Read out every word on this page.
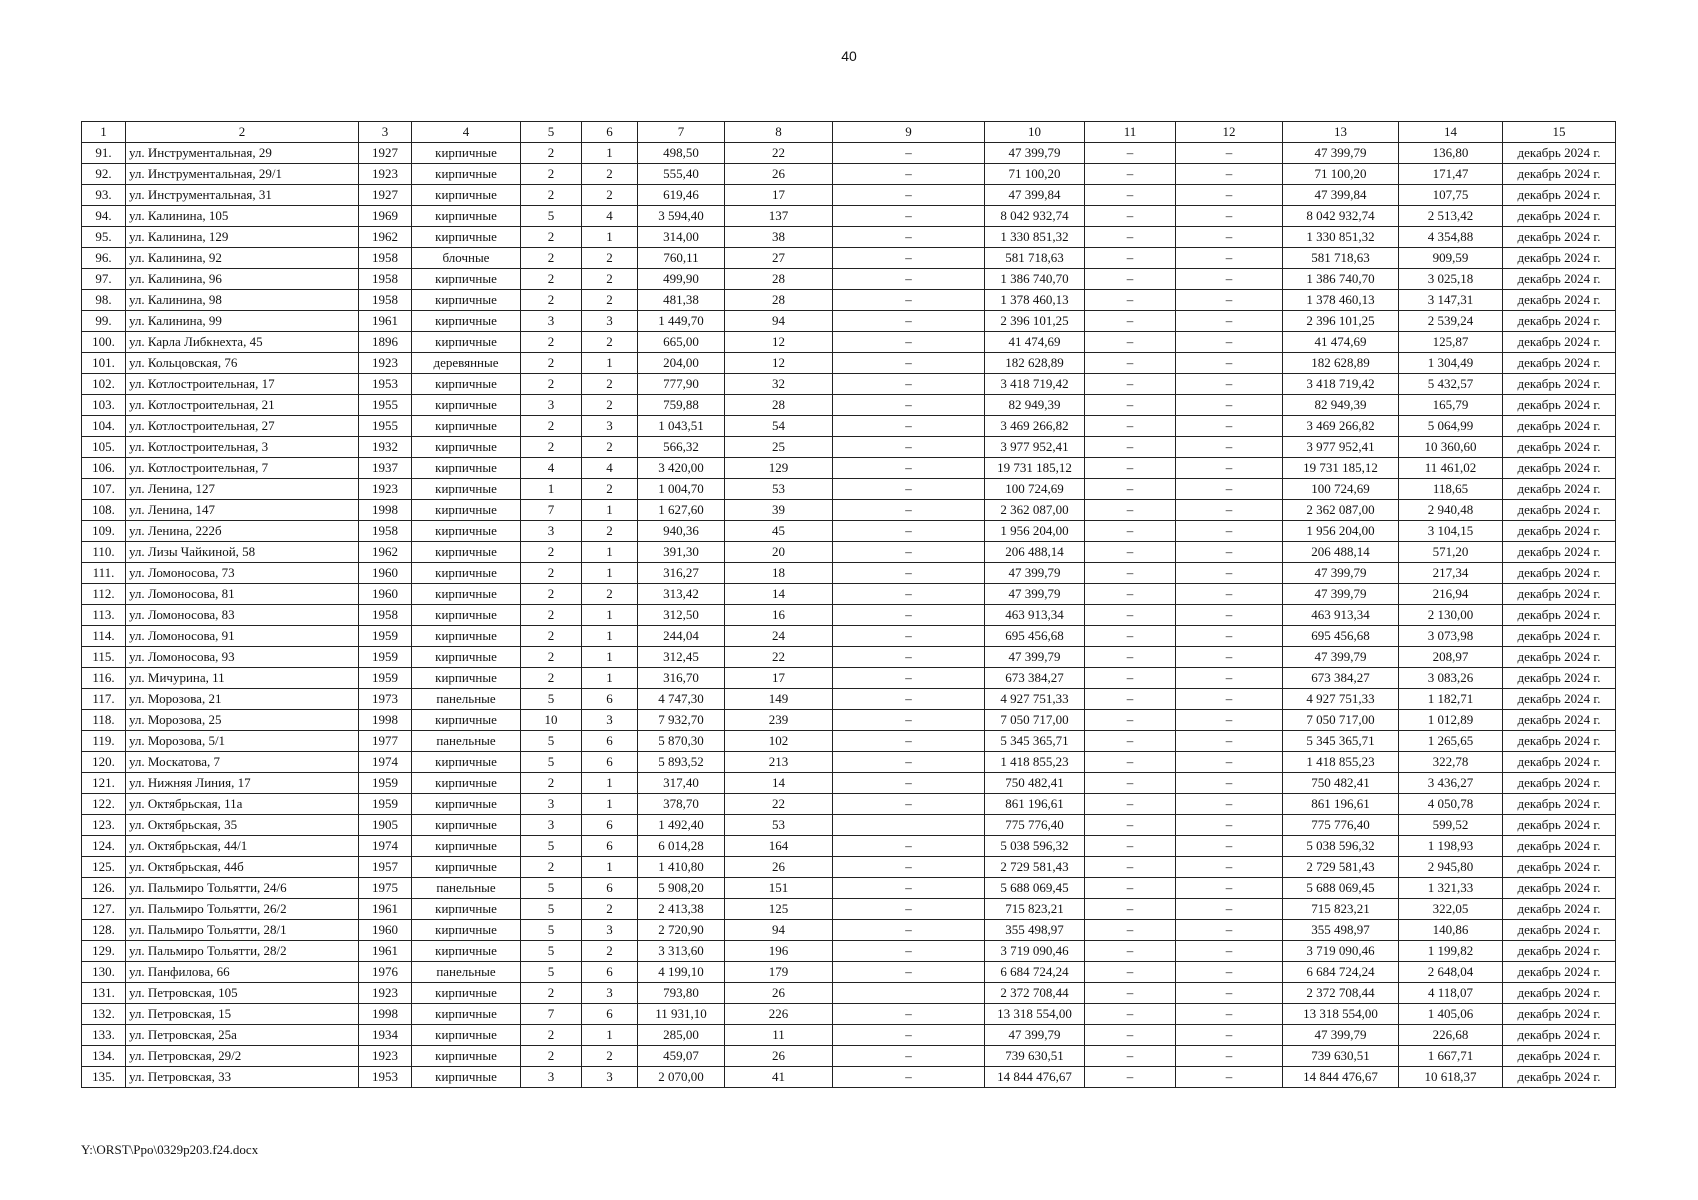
40
1	2	3	4	5	6	7	8	9	10	11	12	13	14	15
91.	ул. Инструментальная, 29	1927	кирпичные	2	1	498,50	22	–	47 399,79	–	–	47 399,79	136,80	декабрь 2024 г.
92.	ул. Инструментальная, 29/1	1923	кирпичные	2	2	555,40	26	–	71 100,20	–	–	71 100,20	171,47	декабрь 2024 г.
93.	ул. Инструментальная, 31	1927	кирпичные	2	2	619,46	17	–	47 399,84	–	–	47 399,84	107,75	декабрь 2024 г.
94.	ул. Калинина, 105	1969	кирпичные	5	4	3 594,40	137	–	8 042 932,74	–	–	8 042 932,74	2 513,42	декабрь 2024 г.
95.	ул. Калинина, 129	1962	кирпичные	2	1	314,00	38	–	1 330 851,32	–	–	1 330 851,32	4 354,88	декабрь 2024 г.
96.	ул. Калинина, 92	1958	блочные	2	2	760,11	27	–	581 718,63	–	–	581 718,63	909,59	декабрь 2024 г.
97.	ул. Калинина, 96	1958	кирпичные	2	2	499,90	28	–	1 386 740,70	–	–	1 386 740,70	3 025,18	декабрь 2024 г.
98.	ул. Калинина, 98	1958	кирпичные	2	2	481,38	28	–	1 378 460,13	–	–	1 378 460,13	3 147,31	декабрь 2024 г.
99.	ул. Калинина, 99	1961	кирпичные	3	3	1 449,70	94	–	2 396 101,25	–	–	2 396 101,25	2 539,24	декабрь 2024 г.
100.	ул. Карла Либкнехта, 45	1896	кирпичные	2	2	665,00	12	–	41 474,69	–	–	41 474,69	125,87	декабрь 2024 г.
101.	ул. Кольцовская, 76	1923	деревянные	2	1	204,00	12	–	182 628,89	–	–	182 628,89	1 304,49	декабрь 2024 г.
102.	ул. Котлостроительная, 17	1953	кирпичные	2	2	777,90	32	–	3 418 719,42	–	–	3 418 719,42	5 432,57	декабрь 2024 г.
103.	ул. Котлостроительная, 21	1955	кирпичные	3	2	759,88	28	–	82 949,39	–	–	82 949,39	165,79	декабрь 2024 г.
104.	ул. Котлостроительная, 27	1955	кирпичные	2	3	1 043,51	54	–	3 469 266,82	–	–	3 469 266,82	5 064,99	декабрь 2024 г.
105.	ул. Котлостроительная, 3	1932	кирпичные	2	2	566,32	25	–	3 977 952,41	–	–	3 977 952,41	10 360,60	декабрь 2024 г.
106.	ул. Котлостроительная, 7	1937	кирпичные	4	4	3 420,00	129	–	19 731 185,12	–	–	19 731 185,12	11 461,02	декабрь 2024 г.
107.	ул. Ленина, 127	1923	кирпичные	1	2	1 004,70	53	–	100 724,69	–	–	100 724,69	118,65	декабрь 2024 г.
108.	ул. Ленина, 147	1998	кирпичные	7	1	1 627,60	39	–	2 362 087,00	–	–	2 362 087,00	2 940,48	декабрь 2024 г.
109.	ул. Ленина, 222б	1958	кирпичные	3	2	940,36	45	–	1 956 204,00	–	–	1 956 204,00	3 104,15	декабрь 2024 г.
110.	ул. Лизы Чайкиной, 58	1962	кирпичные	2	1	391,30	20	–	206 488,14	–	–	206 488,14	571,20	декабрь 2024 г.
111.	ул. Ломоносова, 73	1960	кирпичные	2	1	316,27	18	–	47 399,79	–	–	47 399,79	217,34	декабрь 2024 г.
112.	ул. Ломоносова, 81	1960	кирпичные	2	2	313,42	14	–	47 399,79	–	–	47 399,79	216,94	декабрь 2024 г.
113.	ул. Ломоносова, 83	1958	кирпичные	2	1	312,50	16	–	463 913,34	–	–	463 913,34	2 130,00	декабрь 2024 г.
114.	ул. Ломоносова, 91	1959	кирпичные	2	1	244,04	24	–	695 456,68	–	–	695 456,68	3 073,98	декабрь 2024 г.
115.	ул. Ломоносова, 93	1959	кирпичные	2	1	312,45	22	–	47 399,79	–	–	47 399,79	208,97	декабрь 2024 г.
116.	ул. Мичурина, 11	1959	кирпичные	2	1	316,70	17	–	673 384,27	–	–	673 384,27	3 083,26	декабрь 2024 г.
117.	ул. Морозова, 21	1973	панельные	5	6	4 747,30	149	–	4 927 751,33	–	–	4 927 751,33	1 182,71	декабрь 2024 г.
118.	ул. Морозова, 25	1998	кирпичные	10	3	7 932,70	239	–	7 050 717,00	–	–	7 050 717,00	1 012,89	декабрь 2024 г.
119.	ул. Морозова, 5/1	1977	панельные	5	6	5 870,30	102	–	5 345 365,71	–	–	5 345 365,71	1 265,65	декабрь 2024 г.
120.	ул. Москатова, 7	1974	кирпичные	5	6	5 893,52	213	–	1 418 855,23	–	–	1 418 855,23	322,78	декабрь 2024 г.
121.	ул. Нижняя Линия, 17	1959	кирпичные	2	1	317,40	14	–	750 482,41	–	–	750 482,41	3 436,27	декабрь 2024 г.
122.	ул. Октябрьская, 11а	1959	кирпичные	3	1	378,70	22	–	861 196,61	–	–	861 196,61	4 050,78	декабрь 2024 г.
123.	ул. Октябрьская, 35	1905	кирпичные	3	6	1 492,40	53		775 776,40	–	–	775 776,40	599,52	декабрь 2024 г.
124.	ул. Октябрьская, 44/1	1974	кирпичные	5	6	6 014,28	164	–	5 038 596,32	–	–	5 038 596,32	1 198,93	декабрь 2024 г.
125.	ул. Октябрьская, 44б	1957	кирпичные	2	1	1 410,80	26	–	2 729 581,43	–	–	2 729 581,43	2 945,80	декабрь 2024 г.
126.	ул. Пальмиро Тольятти, 24/6	1975	панельные	5	6	5 908,20	151	–	5 688 069,45	–	–	5 688 069,45	1 321,33	декабрь 2024 г.
127.	ул. Пальмиро Тольятти, 26/2	1961	кирпичные	5	2	2 413,38	125	–	715 823,21	–	–	715 823,21	322,05	декабрь 2024 г.
128.	ул. Пальмиро Тольятти, 28/1	1960	кирпичные	5	3	2 720,90	94	–	355 498,97	–	–	355 498,97	140,86	декабрь 2024 г.
129.	ул. Пальмиро Тольятти, 28/2	1961	кирпичные	5	2	3 313,60	196	–	3 719 090,46	–	–	3 719 090,46	1 199,82	декабрь 2024 г.
130.	ул. Панфилова, 66	1976	панельные	5	6	4 199,10	179	–	6 684 724,24	–	–	6 684 724,24	2 648,04	декабрь 2024 г.
131.	ул. Петровская, 105	1923	кирпичные	2	3	793,80	26		2 372 708,44	–	–	2 372 708,44	4 118,07	декабрь 2024 г.
132.	ул. Петровская, 15	1998	кирпичные	7	6	11 931,10	226	–	13 318 554,00	–	–	13 318 554,00	1 405,06	декабрь 2024 г.
133.	ул. Петровская, 25а	1934	кирпичные	2	1	285,00	11	–	47 399,79	–	–	47 399,79	226,68	декабрь 2024 г.
134.	ул. Петровская, 29/2	1923	кирпичные	2	2	459,07	26	–	739 630,51	–	–	739 630,51	1 667,71	декабрь 2024 г.
135.	ул. Петровская, 33	1953	кирпичные	3	3	2 070,00	41	–	14 844 476,67	–	–	14 844 476,67	10 618,37	декабрь 2024 г.
Y:\ORST\Ppo\0329p203.f24.docx
